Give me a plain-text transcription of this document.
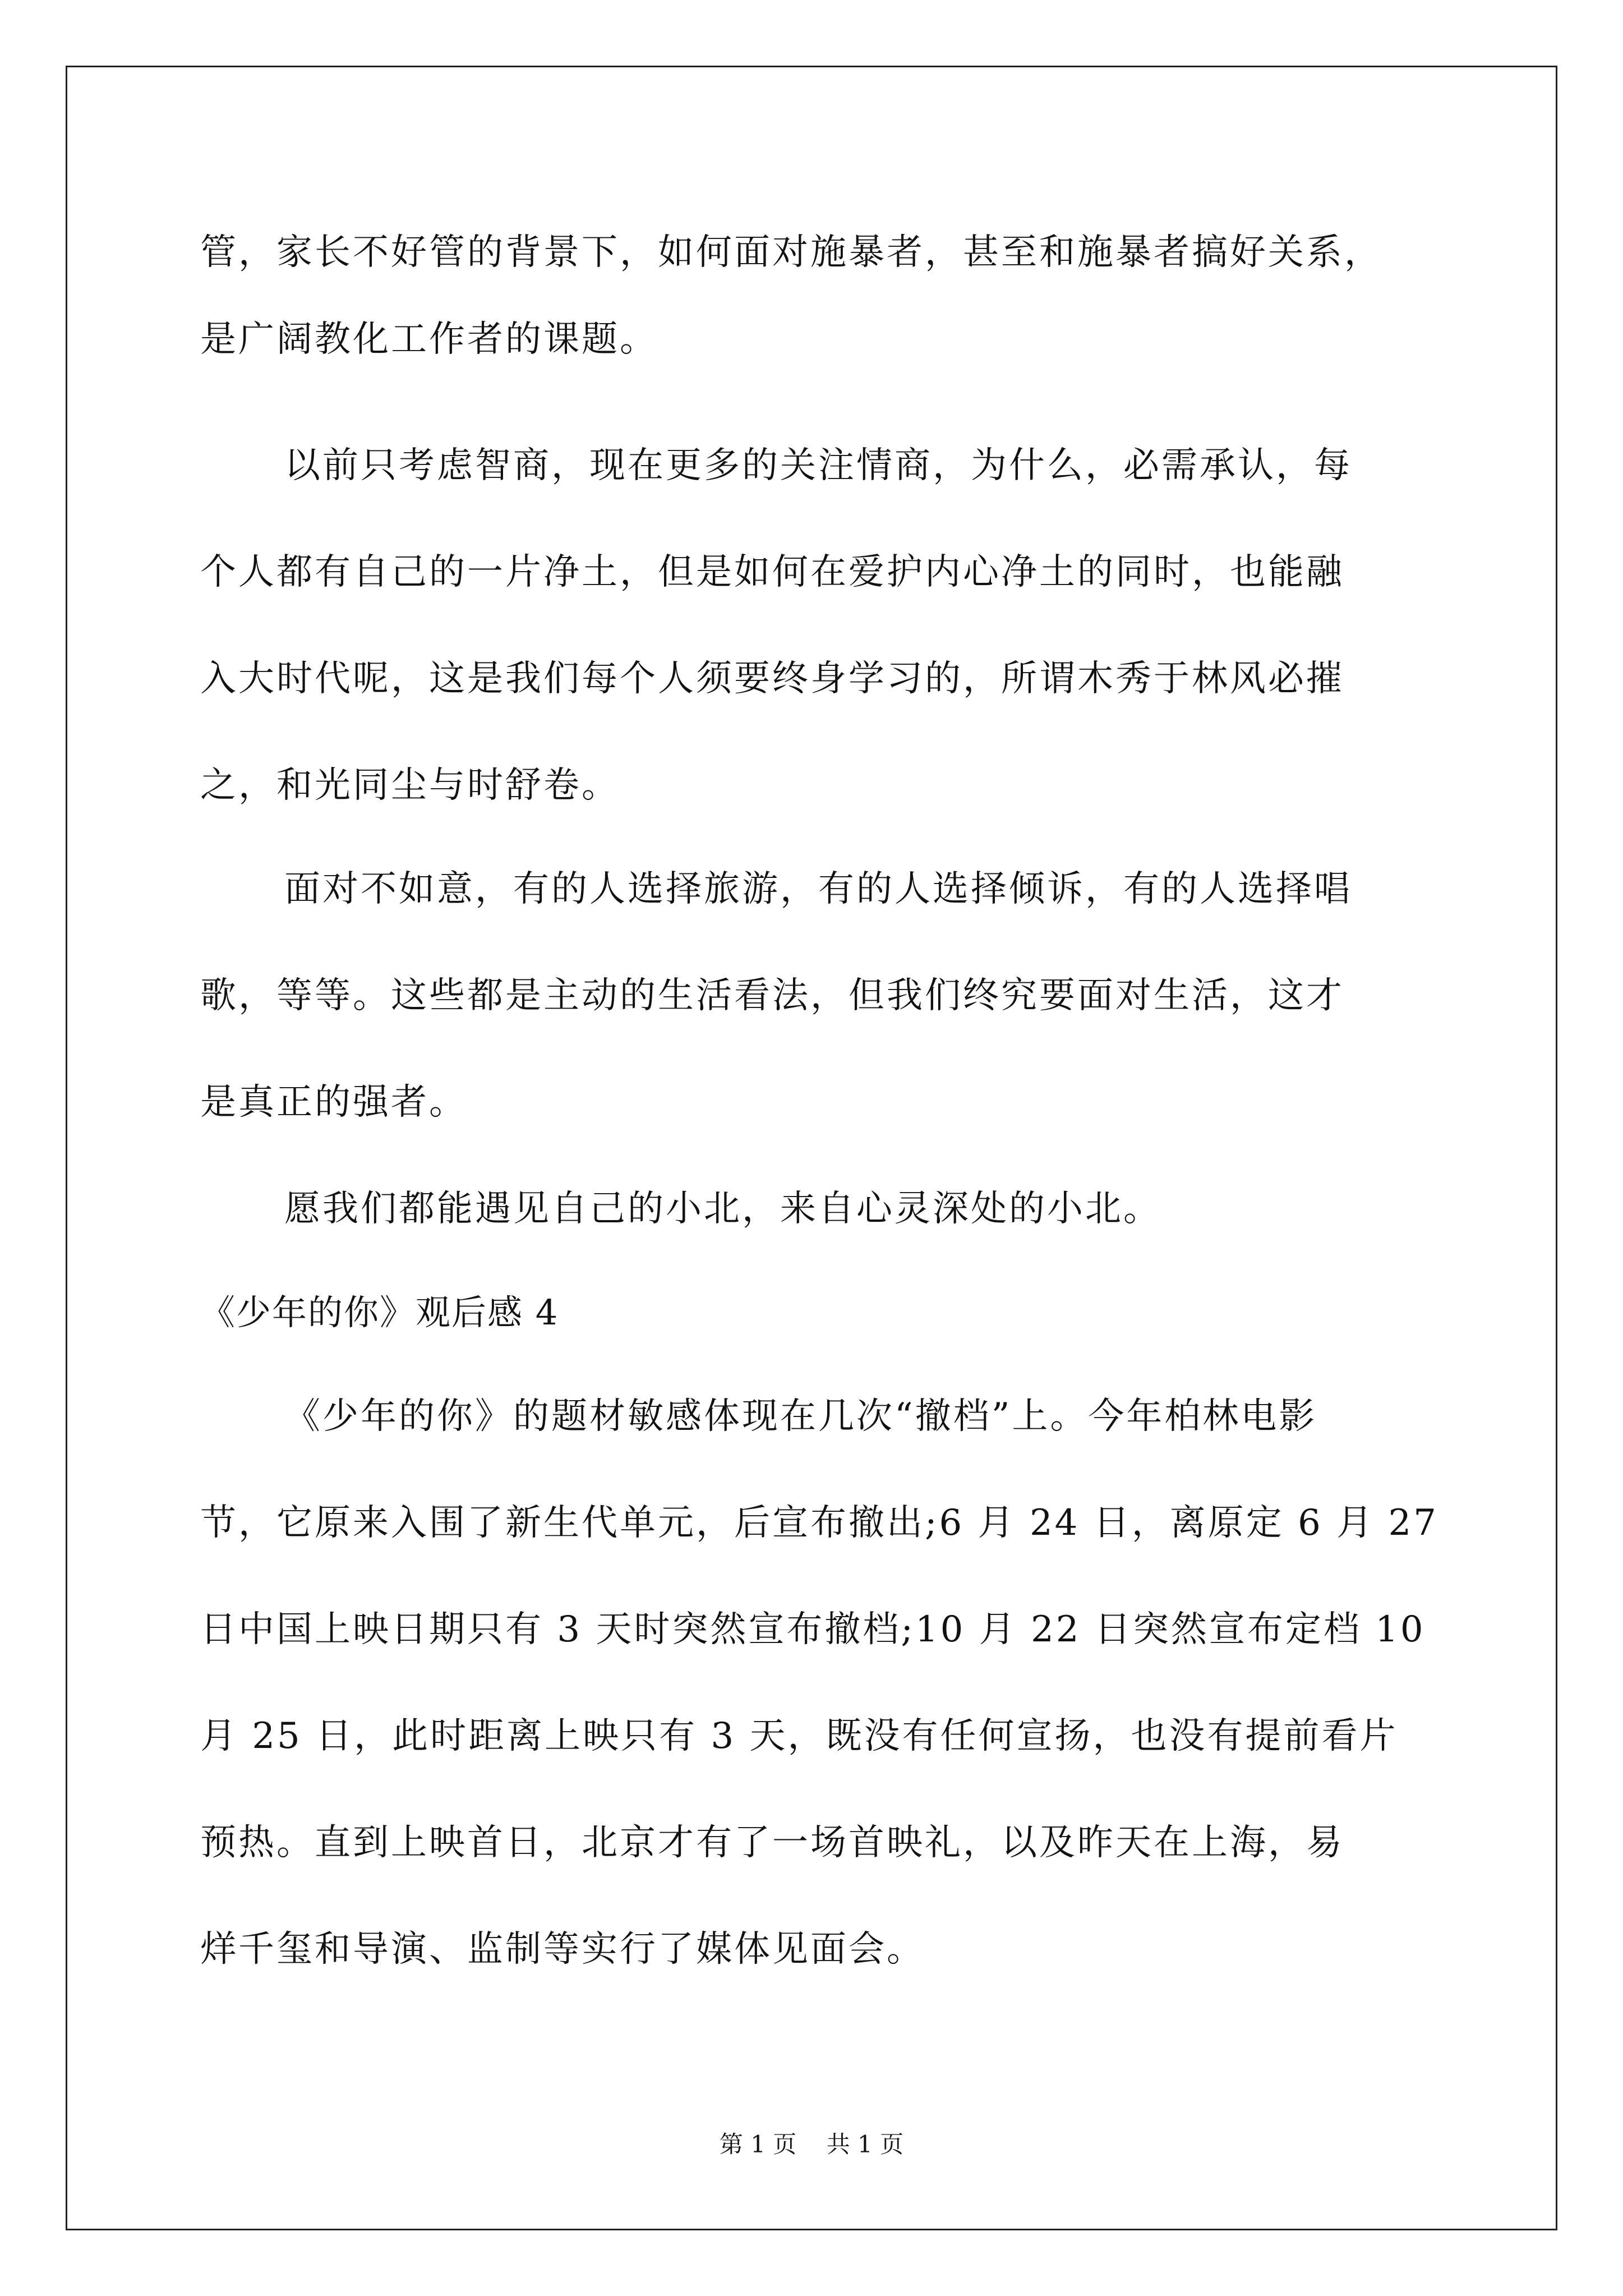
管，家长不好管的背景下，如何面对施暴者，甚至和施暴者搞好关系，
是广阔教化工作者的课题。
以前只考虑智商，现在更多的关注情商，为什么，必需承认，每
个人都有自己的一片净土，但是如何在爱护内心净土的同时，也能融
入大时代呢，这是我们每个人须要终身学习的，所谓木秀于林风必摧
之，和光同尘与时舒卷。
面对不如意，有的人选择旅游，有的人选择倾诉，有的人选择唱
歌，等等。这些都是主动的生活看法，但我们终究要面对生活，这才
是真正的强者。
愿我们都能遇见自己的小北，来自心灵深处的小北。
《少年的你》观后感 4
《少年的你》的题材敏感体现在几次“撤档”上。今年柏林电影
节，它原来入围了新生代单元，后宣布撤出;6 月 24 日，离原定 6 月 27
日中国上映日期只有 3 天时突然宣布撤档;10 月 22 日突然宣布定档 10
月 25 日，此时距离上映只有 3 天，既没有任何宣扬，也没有提前看片
预热。直到上映首日，北京才有了一场首映礼，以及昨天在上海，易
烊千玺和导演、监制等实行了媒体见面会。
第 1 页    共 1 页
